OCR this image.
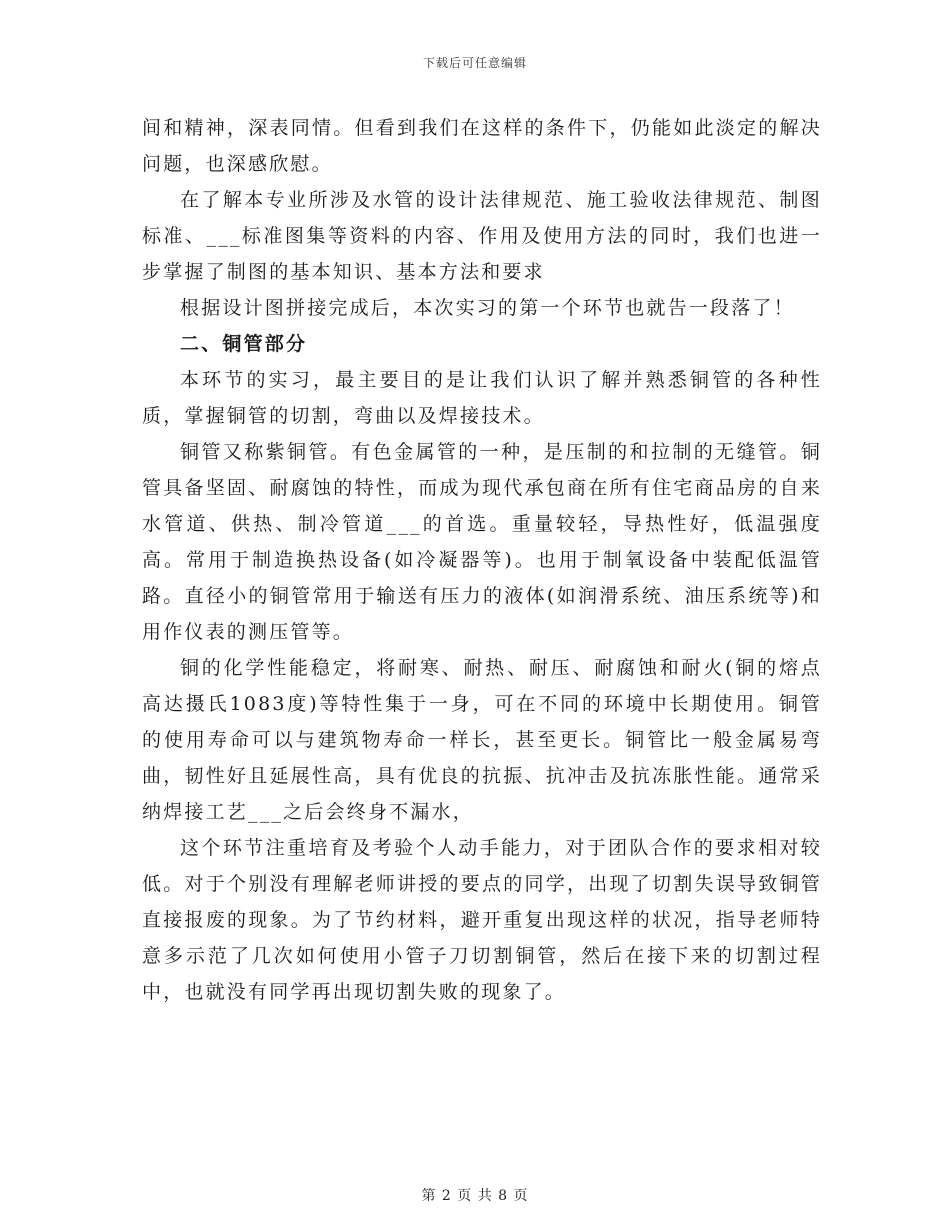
下载后可任意编辑

间和精神，深表同情。但看到我们在这样的条件下，仍能如此淡定的解决问题，也深感欣慰。

在了解本专业所涉及水管的设计法律规范、施工验收法律规范、制图标准、___标准图集等资料的内容、作用及使用方法的同时，我们也进一步掌握了制图的基本知识、基本方法和要求

根据设计图拼接完成后，本次实习的第一个环节也就告一段落了！

二、铜管部分

本环节的实习，最主要目的是让我们认识了解并熟悉铜管的各种性质，掌握铜管的切割，弯曲以及焊接技术。

铜管又称紫铜管。有色金属管的一种，是压制的和拉制的无缝管。铜管具备坚固、耐腐蚀的特性，而成为现代承包商在所有住宅商品房的自来水管道、供热、制冷管道___的首选。重量较轻，导热性好，低温强度高。常用于制造换热设备(如冷凝器等)。也用于制氧设备中装配低温管路。直径小的铜管常用于输送有压力的液体(如润滑系统、油压系统等)和用作仪表的测压管等。

铜的化学性能稳定，将耐寒、耐热、耐压、耐腐蚀和耐火(铜的熔点高达摄氏1083度)等特性集于一身，可在不同的环境中长期使用。铜管的使用寿命可以与建筑物寿命一样长，甚至更长。铜管比一般金属易弯曲，韧性好且延展性高，具有优良的抗振、抗冲击及抗冻胀性能。通常采纳焊接工艺___之后会终身不漏水，

这个环节注重培育及考验个人动手能力，对于团队合作的要求相对较低。对于个别没有理解老师讲授的要点的同学，出现了切割失误导致铜管直接报废的现象。为了节约材料，避开重复出现这样的状况，指导老师特意多示范了几次如何使用小管子刀切割铜管，然后在接下来的切割过程中，也就没有同学再出现切割失败的现象了。

第 2 页 共 8 页
